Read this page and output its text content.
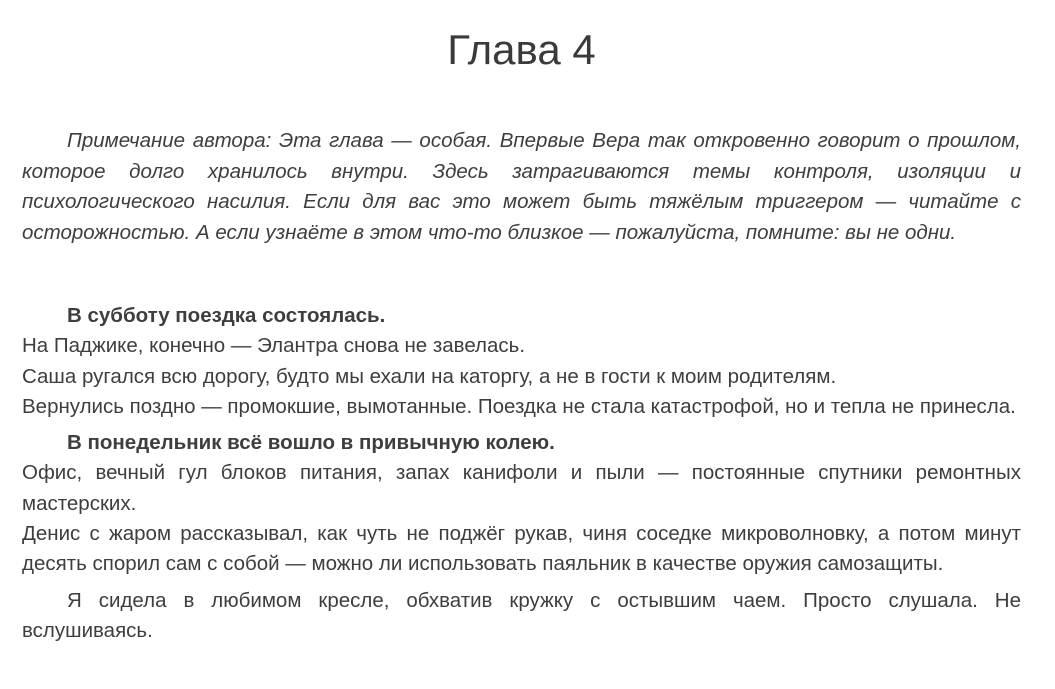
Глава 4

Примечание автора: Эта глава — особая. Впервые Вера так откровенно говорит о прошлом, которое долго хранилось внутри. Здесь затрагиваются темы контроля, изоляции и психологического насилия. Если для вас это может быть тяжёлым триггером — читайте с осторожностью. А если узнаёте в этом что-то близкое — пожалуйста, помните: вы не одни.

В субботу поездка состоялась.

На Паджике, конечно — Элантра снова не завелась.

Саша ругался всю дорогу, будто мы ехали на каторгу, а не в гости к моим родителям.

Вернулись поздно — промокшие, вымотанные. Поездка не стала катастрофой, но и тепла не принесла.

В понедельник всё вошло в привычную колею.

Офис, вечный гул блоков питания, запах канифоли и пыли — постоянные спутники ремонтных мастерских.

Денис с жаром рассказывал, как чуть не поджёг рукав, чиня соседке микроволновку, а потом минут десять спорил сам с собой — можно ли использовать паяльник в качестве оружия самозащиты.

Я сидела в любимом кресле, обхватив кружку с остывшим чаем. Просто слушала. Не вслушиваясь.
